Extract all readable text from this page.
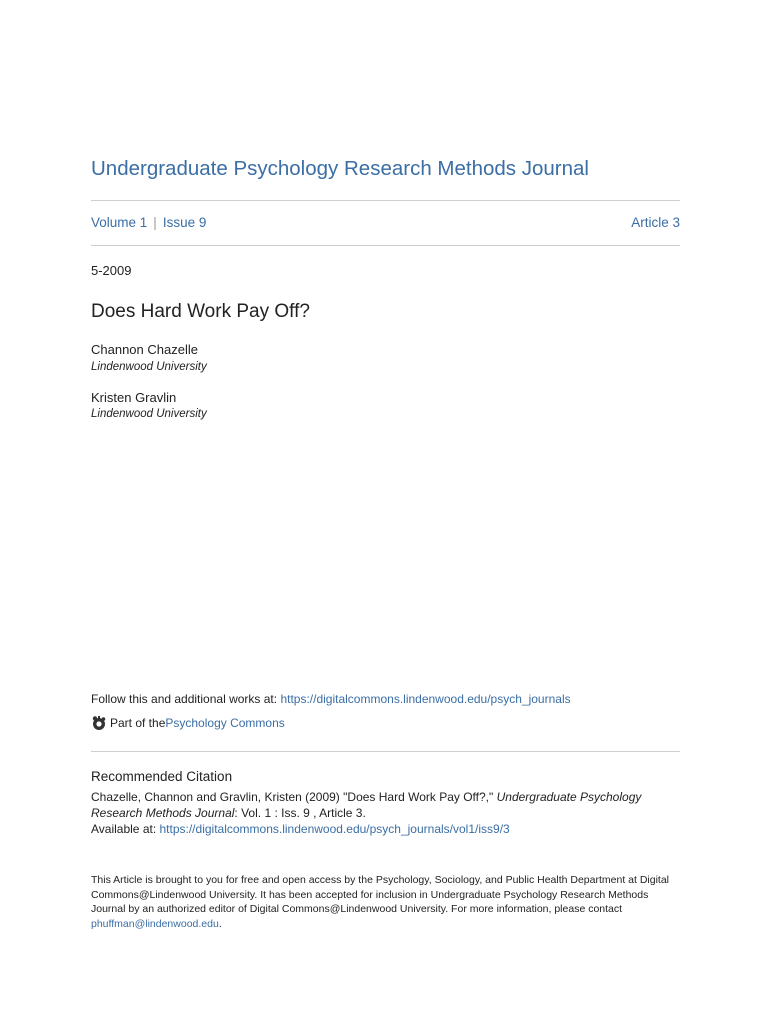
Undergraduate Psychology Research Methods Journal
Volume 1 | Issue 9	Article 3
5-2009
Does Hard Work Pay Off?
Channon Chazelle
Lindenwood University
Kristen Gravlin
Lindenwood University
Follow this and additional works at: https://digitalcommons.lindenwood.edu/psych_journals
Part of the Psychology Commons
Recommended Citation
Chazelle, Channon and Gravlin, Kristen (2009) "Does Hard Work Pay Off?," Undergraduate Psychology
Research Methods Journal: Vol. 1 : Iss. 9 , Article 3.
Available at: https://digitalcommons.lindenwood.edu/psych_journals/vol1/iss9/3
This Article is brought to you for free and open access by the Psychology, Sociology, and Public Health Department at Digital Commons@Lindenwood University. It has been accepted for inclusion in Undergraduate Psychology Research Methods Journal by an authorized editor of Digital Commons@Lindenwood University. For more information, please contact phuffman@lindenwood.edu.
